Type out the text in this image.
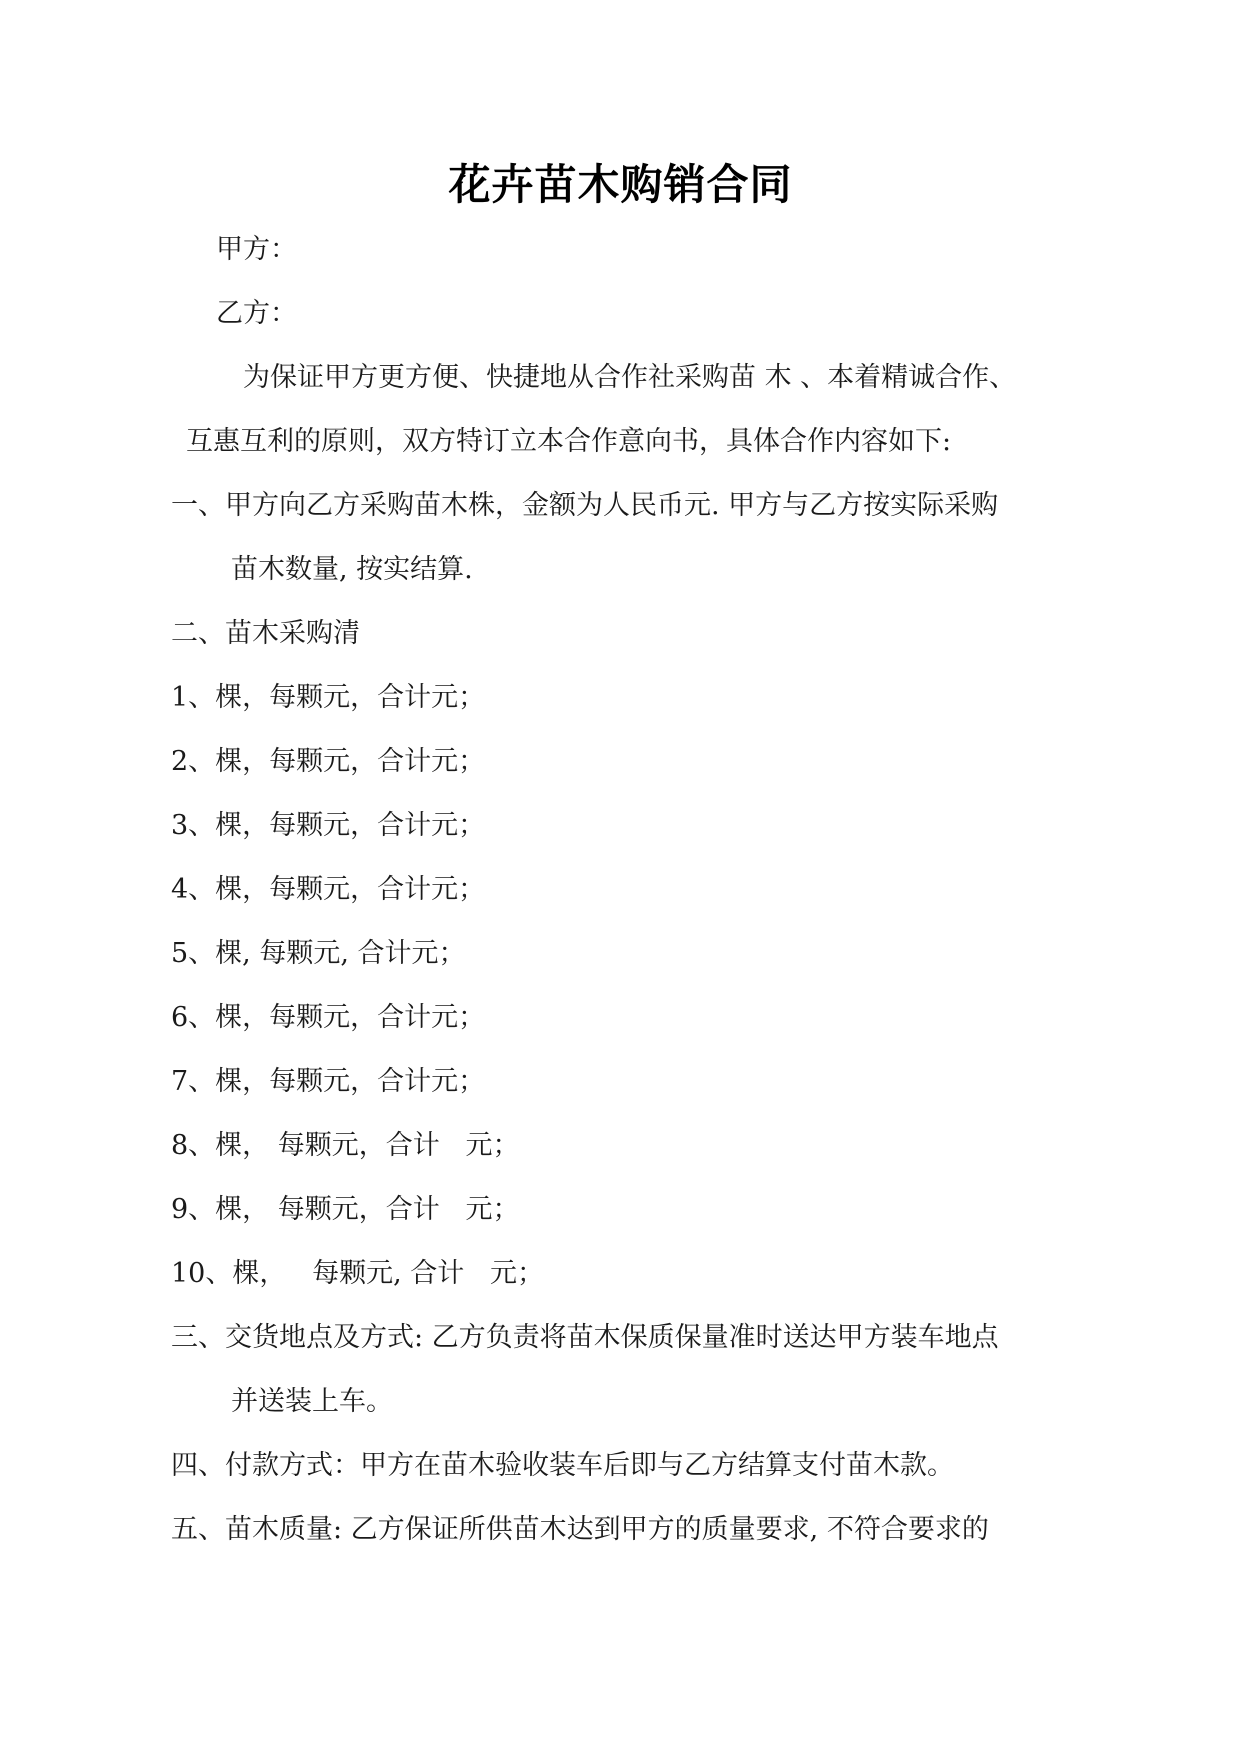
花卉苗木购销合同
甲方：
乙方：
为保证甲方更方便、快捷地从合作社采购苗 木 、本着精诚合作、
互惠互利的原则，双方特订立本合作意向书，具体合作内容如下:
一、甲方向乙方采购苗木株，金额为人民币元. 甲方与乙方按实际采购
苗木数量, 按实结算.
二、苗木采购清
1、棵，每颗元，合计元；
2、棵，每颗元，合计元；
3、棵，每颗元，合计元；
4、棵，每颗元，合计元；
5、棵, 每颗元, 合计元；
6、棵，每颗元，合计元；
7、棵，每颗元，合计元；
8、棵， 每颗元，合计   元；
9、棵， 每颗元，合计   元；
10、棵，   每颗元, 合计   元；
三、交货地点及方式: 乙方负责将苗木保质保量准时送达甲方装车地点
并送装上车。
四、付款方式：甲方在苗木验收装车后即与乙方结算支付苗木款。
五、苗木质量: 乙方保证所供苗木达到甲方的质量要求, 不符合要求的
